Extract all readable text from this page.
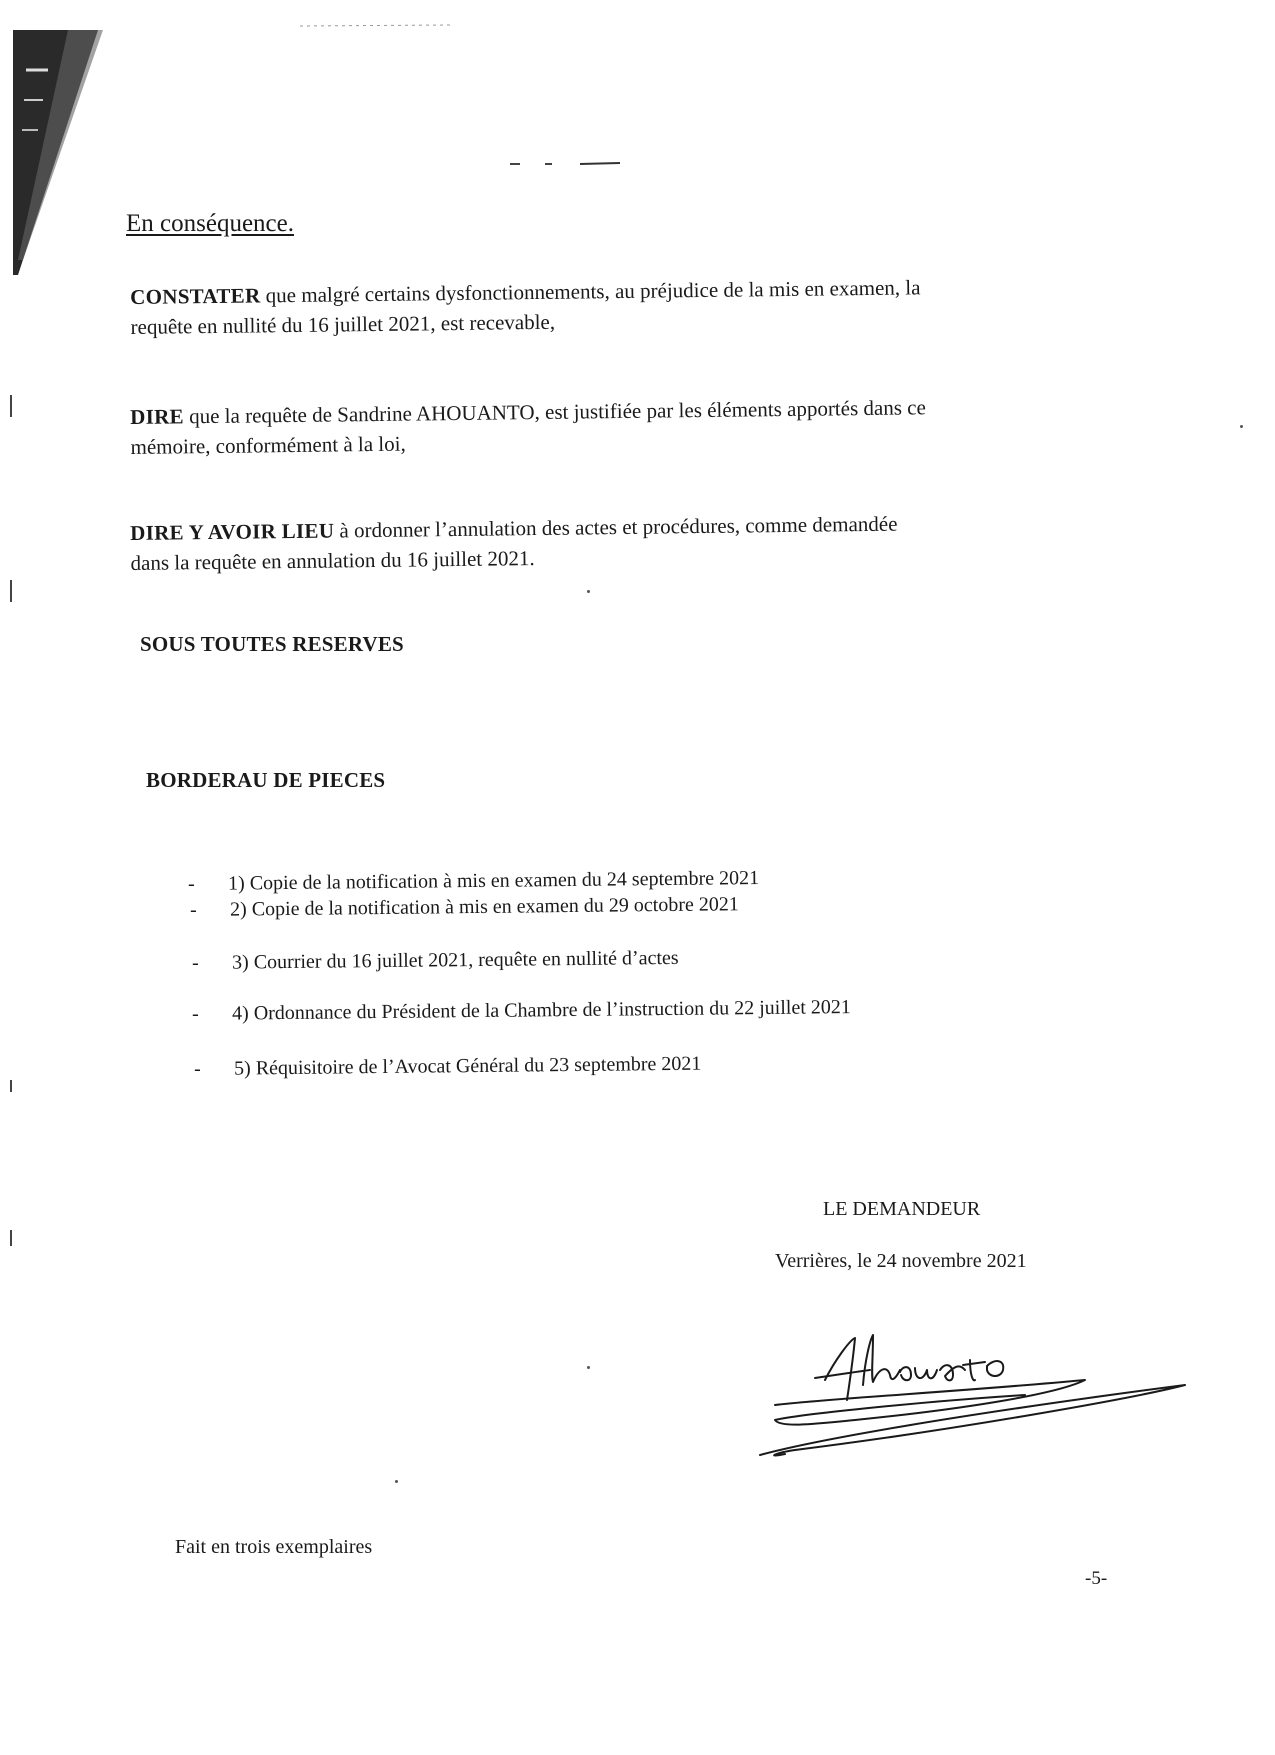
En conséquence.
CONSTATER que malgré certains dysfonctionnements, au préjudice de la mis en examen, la
requête en nullité du 16 juillet 2021, est recevable,
DIRE que la requête de Sandrine AHOUANTO, est justifiée par les éléments apportés dans ce
mémoire, conformément à la loi,
DIRE Y AVOIR LIEU à ordonner l’annulation des actes et procédures, comme demandée
dans la requête en annulation du 16 juillet 2021.
SOUS TOUTES RESERVES
BORDERAU DE PIECES
- 1) Copie de la notification à mis en examen du 24 septembre 2021
- 2) Copie de la notification à mis en examen du 29 octobre 2021
- 3) Courrier du 16 juillet 2021, requête en nullité d’actes
- 4) Ordonnance du Président de la Chambre de l’instruction du 22 juillet 2021
- 5) Réquisitoire de l’Avocat Général du 23 septembre 2021
LE DEMANDEUR
Verrières, le 24 novembre 2021
Fait en trois exemplaires
-5-
